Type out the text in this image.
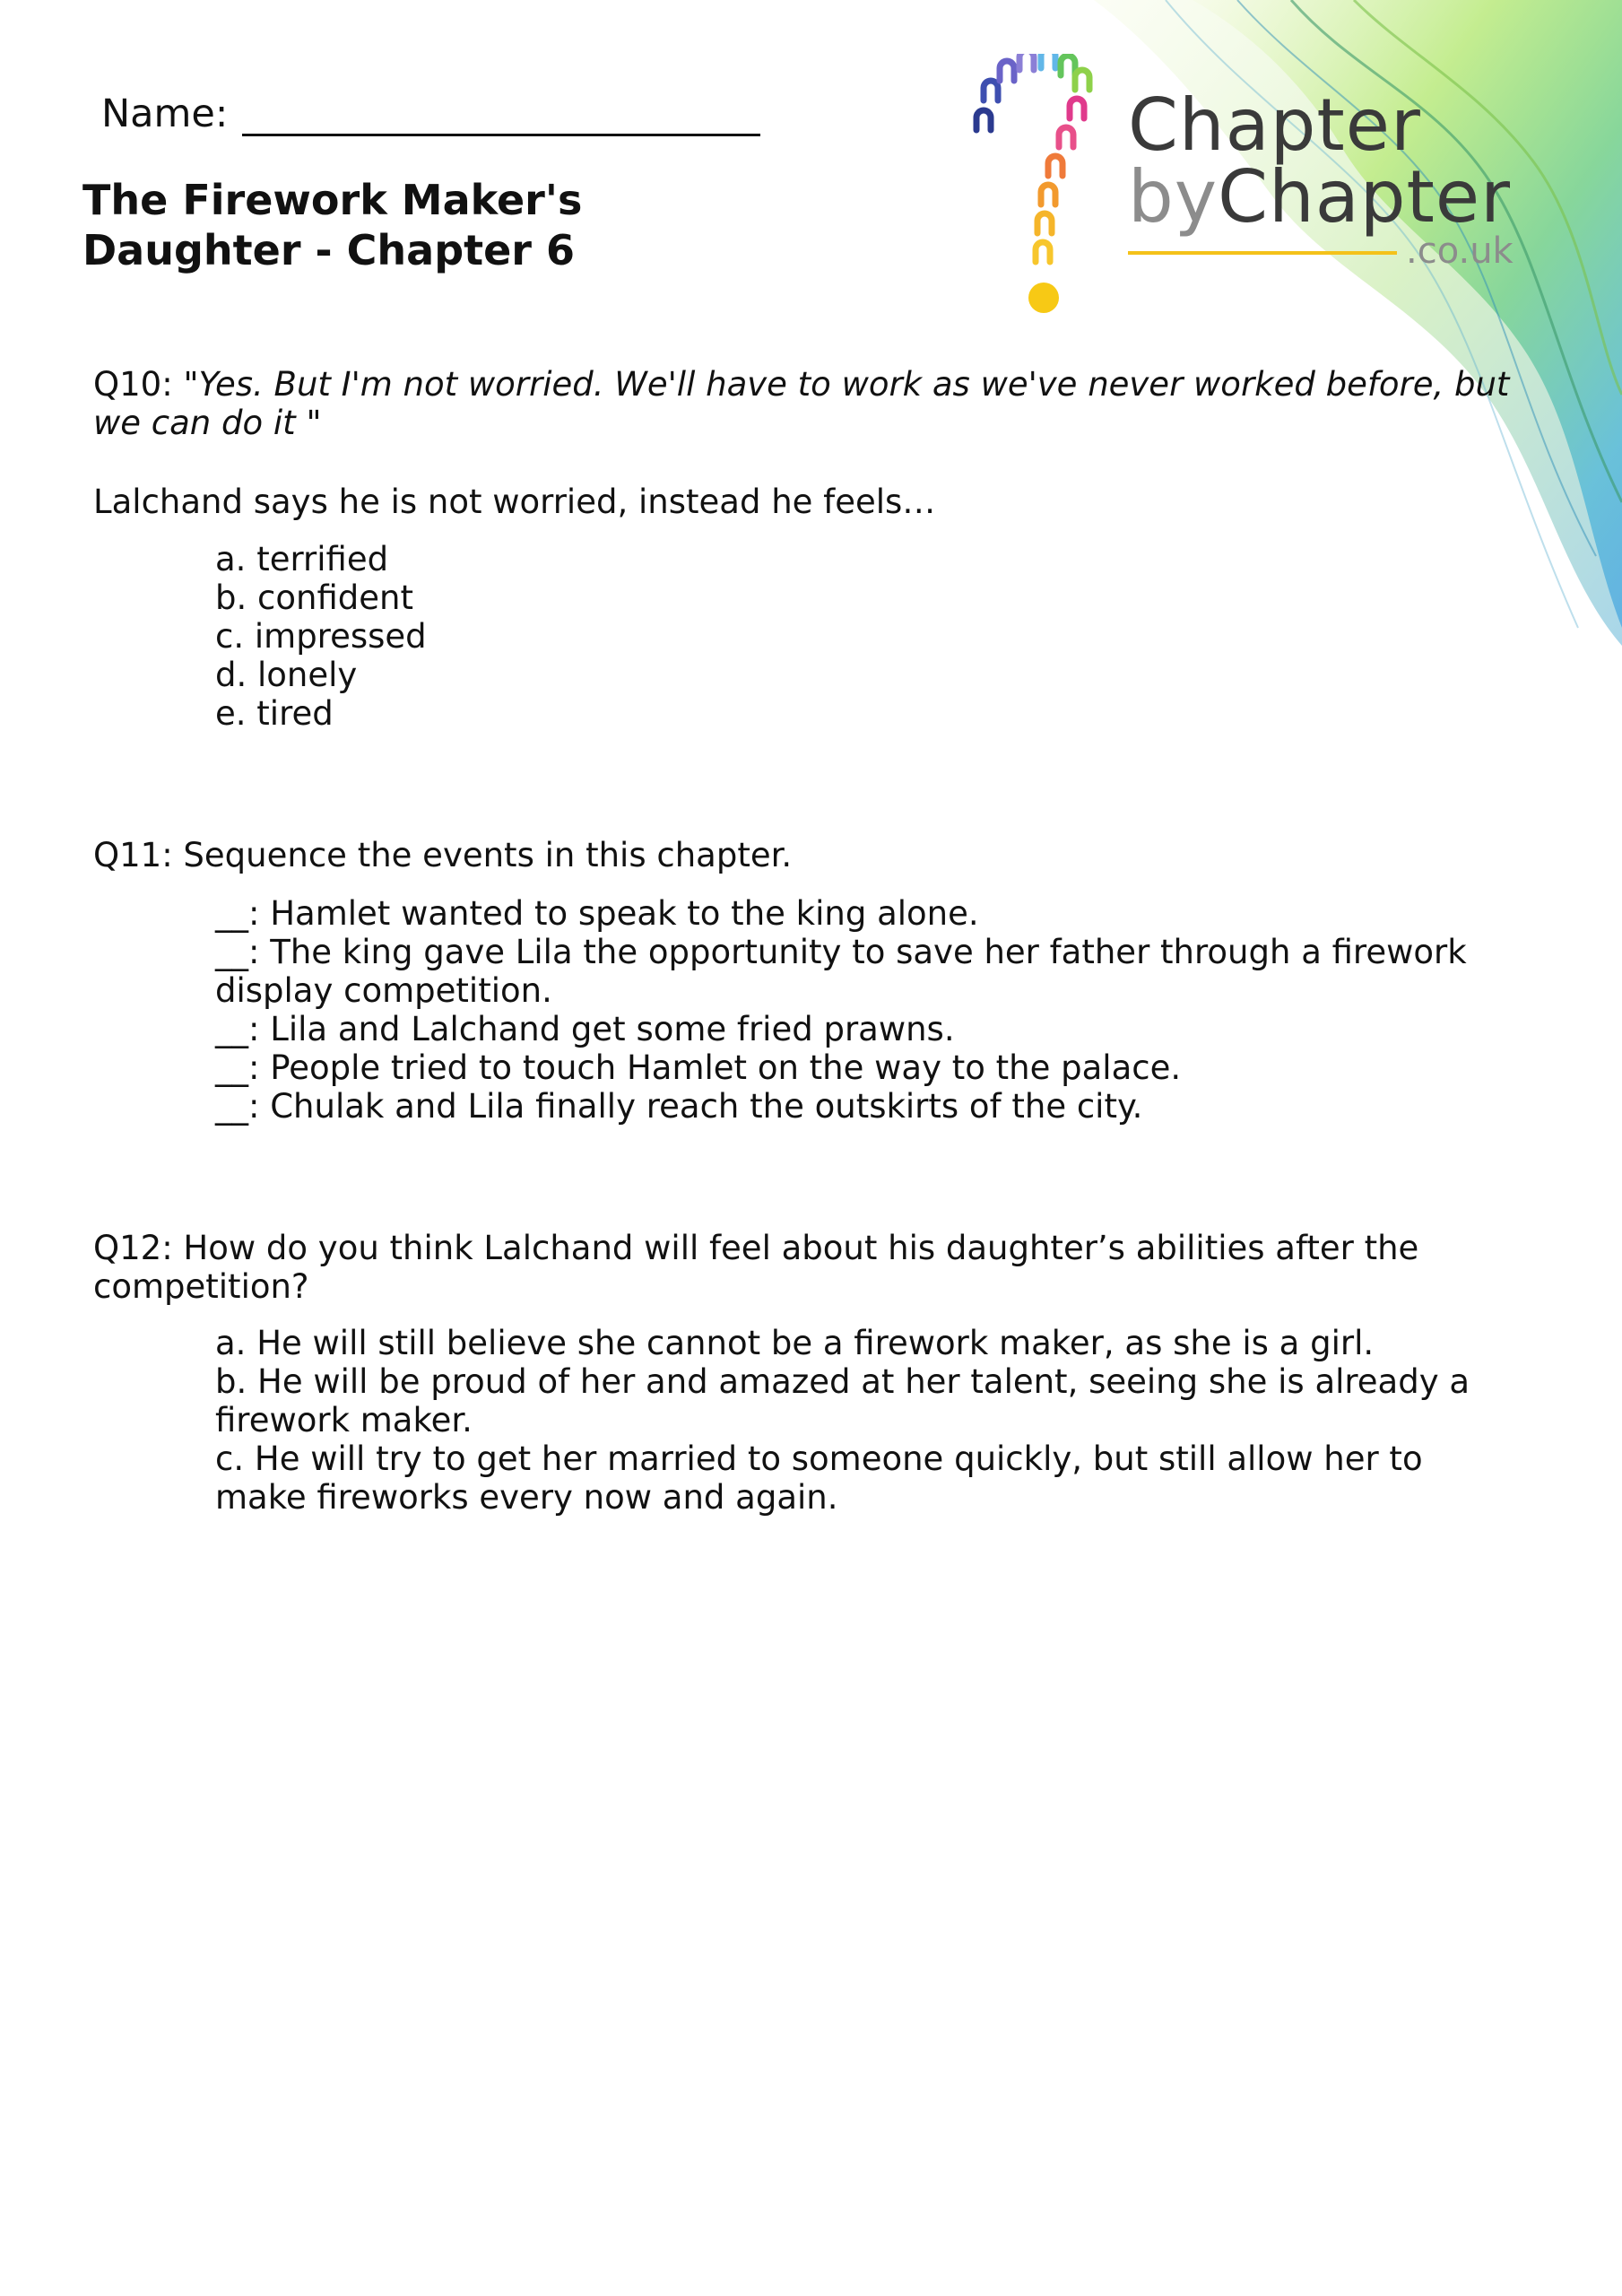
Chapter
byChapter
.co.uk
Name:
The Firework Maker's
Daughter - Chapter 6
Q10: "Yes. But I'm not worried. We'll have to work as we've never worked before, but we can do it "
Lalchand says he is not worried, instead he feels…
a. terrified
b. confident
c. impressed
d. lonely
e. tired
Q11: Sequence the events in this chapter.
__: Hamlet wanted to speak to the king alone.
__: The king gave Lila the opportunity to save her father through a firework display competition.
__: Lila and Lalchand get some fried prawns.
__: People tried to touch Hamlet on the way to the palace.
__: Chulak and Lila finally reach the outskirts of the city.
Q12: How do you think Lalchand will feel about his daughter’s abilities after the competition?
a. He will still believe she cannot be a firework maker, as she is a girl.
b. He will be proud of her and amazed at her talent, seeing she is already a firework maker.
c. He will try to get her married to someone quickly, but still allow her to make fireworks every now and again.
